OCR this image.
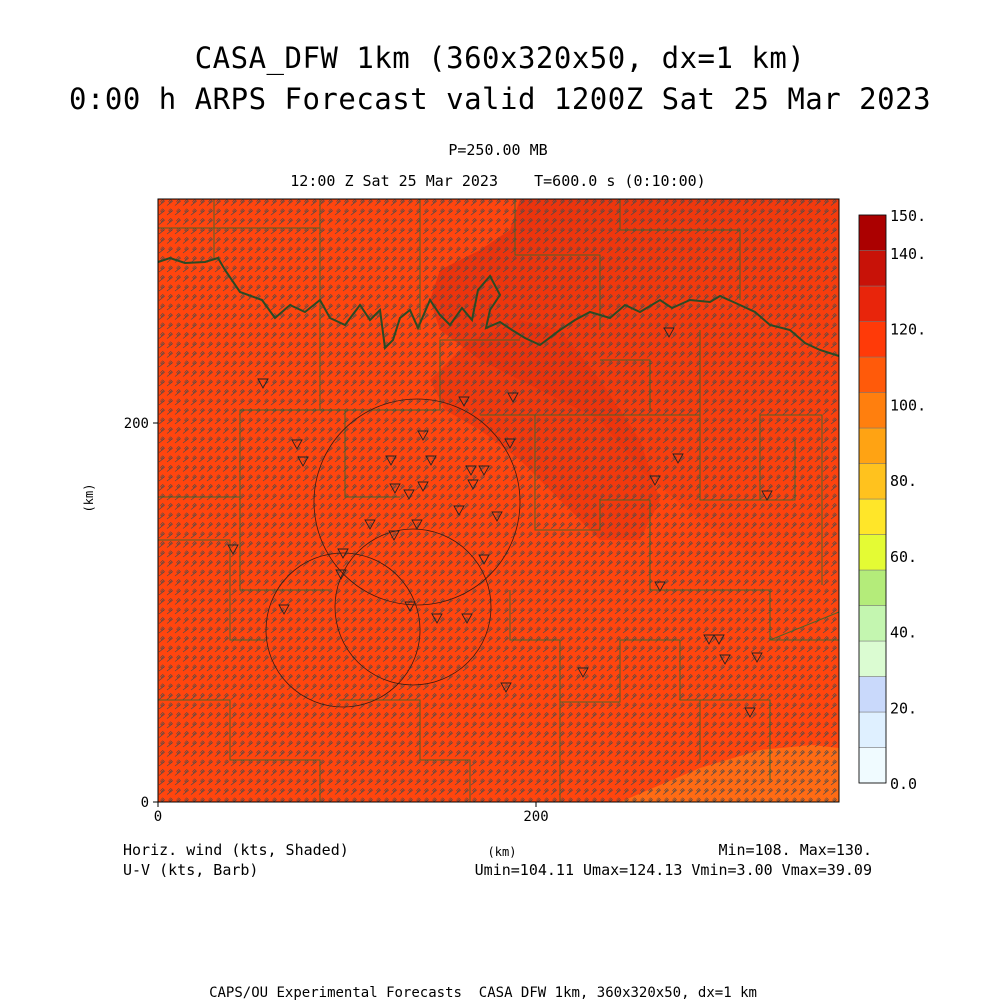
CASA_DFW 1km (360x320x50, dx=1 km)
0:00 h ARPS Forecast valid 1200Z Sat 25 Mar 2023
P=250.00 MB
12:00 Z Sat 25 Mar 2023    T=600.0 s (0:10:00)
0	200
0
200
(km)
(km)
150.
140.
120.
100.
80.
60.
40.
20.
0.0
Horiz. wind (kts, Shaded)
U-V (kts, Barb)
Min=108. Max=130.
Umin=104.11 Umax=124.13 Vmin=3.00 Vmax=39.09
CAPS/OU Experimental Forecasts  CASA DFW 1km, 360x320x50, dx=1 km
